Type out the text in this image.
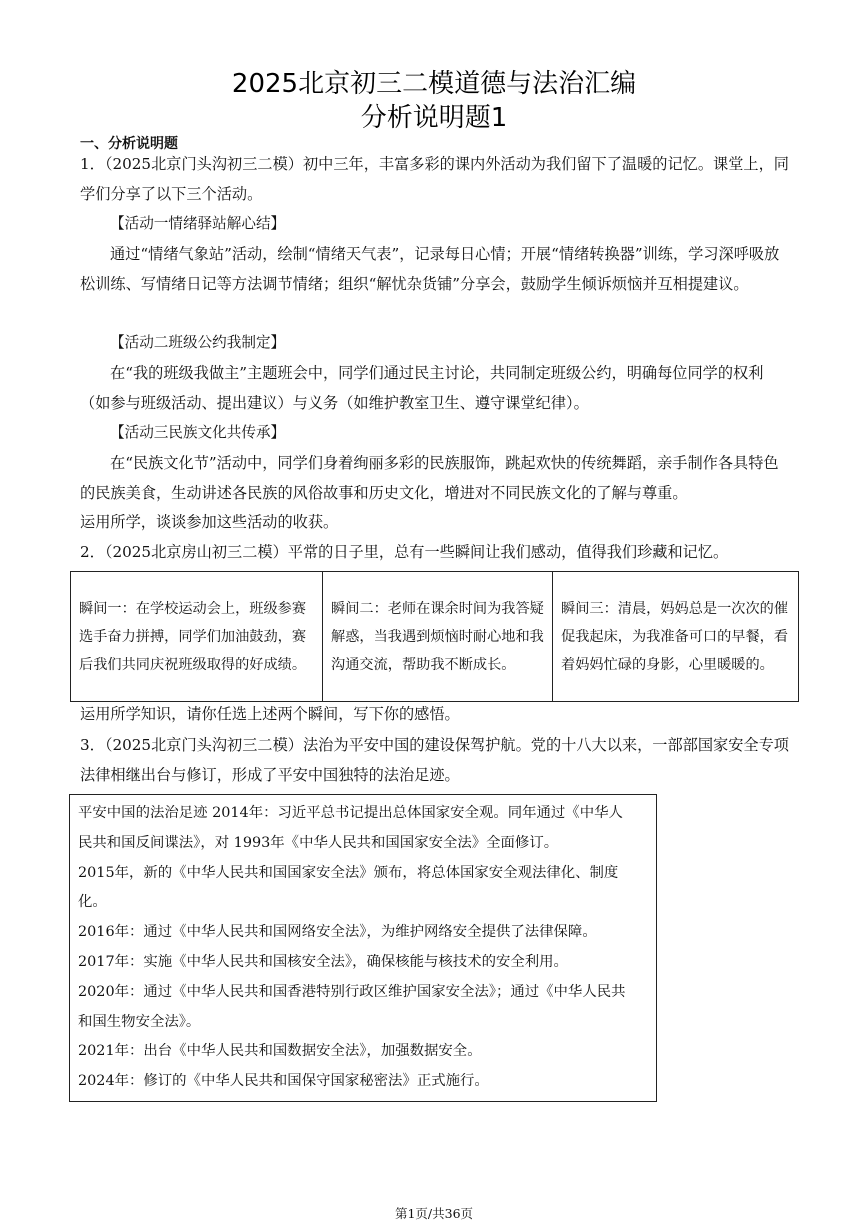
2025北京初三二模道德与法治汇编
分析说明题1
一、分析说明题
1．（2025北京门头沟初三二模）初中三年，丰富多彩的课内外活动为我们留下了温暖的记忆。课堂上，同
学们分享了以下三个活动。
【活动一情绪驿站解心结】
通过“情绪气象站”活动，绘制“情绪天气表”，记录每日心情；开展“情绪转换器”训练，学习深呼吸放松训练、写情绪日记等方法调节情绪；组织“解忧杂货铺”分享会，鼓励学生倾诉烦恼并互相提建议。
【活动二班级公约我制定】
在“我的班级我做主”主题班会中，同学们通过民主讨论，共同制定班级公约，明确每位同学的权利（如参与班级活动、提出建议）与义务（如维护教室卫生、遵守课堂纪律）。
【活动三民族文化共传承】
在“民族文化节”活动中，同学们身着绚丽多彩的民族服饰，跳起欢快的传统舞蹈，亲手制作各具特色的民族美食，生动讲述各民族的风俗故事和历史文化，增进对不同民族文化的了解与尊重。
运用所学，谈谈参加这些活动的收获。
2．（2025北京房山初三二模）平常的日子里，总有一些瞬间让我们感动，值得我们珍藏和记忆。
瞬间一：在学校运动会上，班级参赛选手奋力拼搏，同学们加油鼓劲，赛后我们共同庆祝班级取得的好成绩。	瞬间二：老师在课余时间为我答疑解惑，当我遇到烦恼时耐心地和我沟通交流，帮助我不断成长。	瞬间三：清晨，妈妈总是一次次的催促我起床，为我准备可口的早餐，看着妈妈忙碌的身影，心里暖暖的。
运用所学知识，请你任选上述两个瞬间，写下你的感悟。
3．（2025北京门头沟初三二模）法治为平安中国的建设保驾护航。党的十八大以来，一部部国家安全专项
法律相继出台与修订，形成了平安中国独特的法治足迹。

平安中国的法治足迹 2014年：习近平总书记提出总体国家安全观。同年通过《中华人

民共和国反间谍法》，对 1993年《中华人民共和国国家安全法》全面修订。

2015年，新的《中华人民共和国国家安全法》颁布，将总体国家安全观法律化、制度

化。

2016年：通过《中华人民共和国网络安全法》，为维护网络安全提供了法律保障。

2017年：实施《中华人民共和国核安全法》，确保核能与核技术的安全利用。

2020年：通过《中华人民共和国香港特别行政区维护国家安全法》；通过《中华人民共

和国生物安全法》。

2021年：出台《中华人民共和国数据安全法》，加强数据安全。

2024年：修订的《中华人民共和国保守国家秘密法》正式施行。

第1页/共36页
